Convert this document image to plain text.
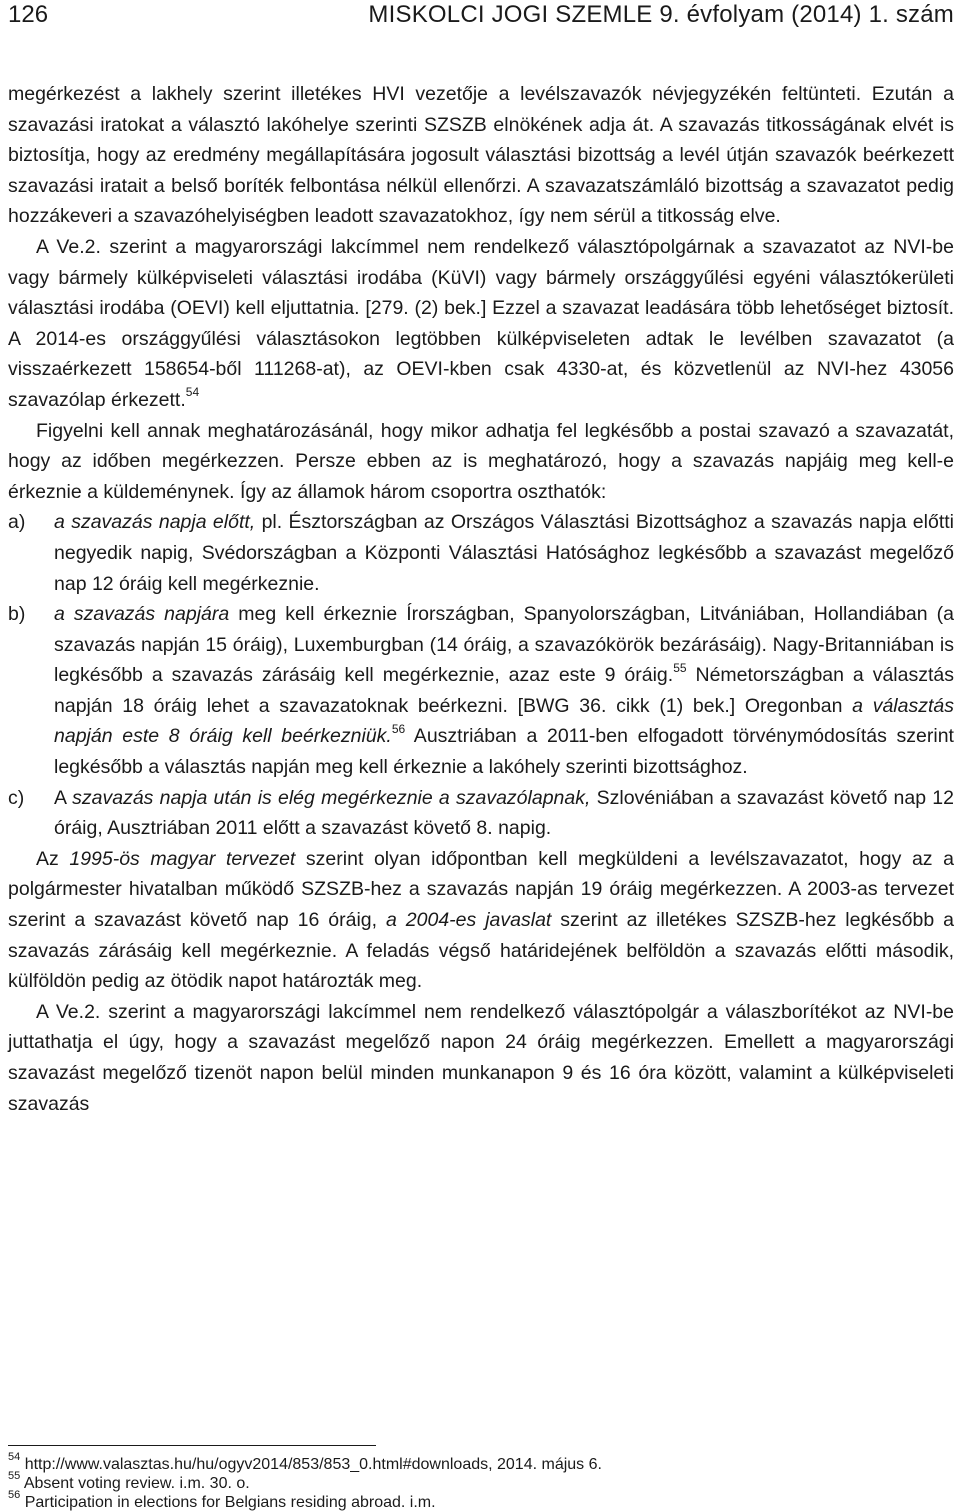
126	MISKOLCI JOGI SZEMLE 9. évfolyam (2014) 1. szám

megérkezést a lakhely szerint illetékes HVI vezetője a levélszavazók névjegyzékén feltünteti. Ezután a szavazási iratokat a választó lakóhelye szerinti SZSZB elnökének adja át. A szavazás titkosságának elvét is biztosítja, hogy az eredmény megállapítására jogosult választási bizottság a levél útján szavazók beérkezett szavazási iratait a belső boríték felbontása nélkül ellenőrzi. A szavazatszámláló bizottság a szavazatot pedig hozzákeveri a szavazóhelyiségben leadott szavazatokhoz, így nem sérül a titkosság elve.

A Ve.2. szerint a magyarországi lakcímmel nem rendelkező választópolgárnak a szavazatot az NVI-be vagy bármely külképviseleti választási irodába (KüVI) vagy bármely országgyűlési egyéni választókerületi választási irodába (OEVI) kell eljuttatnia. [279. (2) bek.] Ezzel a szavazat leadására több lehetőséget biztosít. A 2014-es országgyűlési választásokon legtöbben külképviseleten adtak le levélben szavazatot (a visszaérkezett 158654-ből 111268-at), az OEVI-kben csak 4330-at, és közvetlenül az NVI-hez 43056 szavazólap érkezett.$^{54}$

Figyelni kell annak meghatározásánál, hogy mikor adhatja fel legkésőbb a postai szavazó a szavazatát, hogy az időben megérkezzen. Persze ebben az is meghatározó, hogy a szavazás napjáig meg kell-e érkeznie a küldeménynek. Így az államok három csoportra oszthatók:

a)	a szavazás napja előtt, pl. Észtországban az Országos Választási Bizottsághoz a szavazás napja előtti negyedik napig, Svédországban a Központi Választási Hatósághoz legkésőbb a szavazást megelőző nap 12 óráig kell megérkeznie.
b)	a szavazás napjára meg kell érkeznie Írországban, Spanyolországban, Litvániában, Hollandiában (a szavazás napján 15 óráig), Luxemburgban (14 óráig, a szavazókörök bezárásáig). Nagy-Britanniában is legkésőbb a szavazás zárásáig kell megérkeznie, azaz este 9 óráig.$^{55}$ Németországban a választás napján 18 óráig lehet a szavazatoknak beérkezni. [BWG 36. cikk (1) bek.] Oregonban a választás napján este 8 óráig kell beérkezniük.$^{56}$ Ausztriában a 2011-ben elfogadott törvénymódosítás szerint legkésőbb a választás napján meg kell érkeznie a lakóhely szerinti bizottsághoz.
c)	A szavazás napja után is elég megérkeznie a szavazólapnak, Szlovéniában a szavazást követő nap 12 óráig, Ausztriában 2011 előtt a szavazást követő 8. napig.

Az 1995-ös magyar tervezet szerint olyan időpontban kell megküldeni a levélszavazatot, hogy az a polgármester hivatalban működő SZSZB-hez a szavazás napján 19 óráig megérkezzen. A 2003-as tervezet szerint a szavazást követő nap 16 óráig, a 2004-es javaslat szerint az illetékes SZSZB-hez legkésőbb a szavazás zárásáig kell megérkeznie. A feladás végső határidejének belföldön a szavazás előtti második, külföldön pedig az ötödik napot határozták meg.

A Ve.2. szerint a magyarországi lakcímmel nem rendelkező választópolgár a válaszborítékot az NVI-be juttathatja el úgy, hogy a szavazást megelőző napon 24 óráig megérkezzen. Emellett a magyarországi szavazást megelőző tizenöt napon belül minden munkanapon 9 és 16 óra között, valamint a külképviseleti szavazás

$^{54}$ http://www.valasztas.hu/hu/ogyv2014/853/853_0.html#downloads, 2014. május 6.
$^{55}$ Absent voting review. i.m. 30. o.
$^{56}$ Participation in elections for Belgians residing abroad. i.m.
